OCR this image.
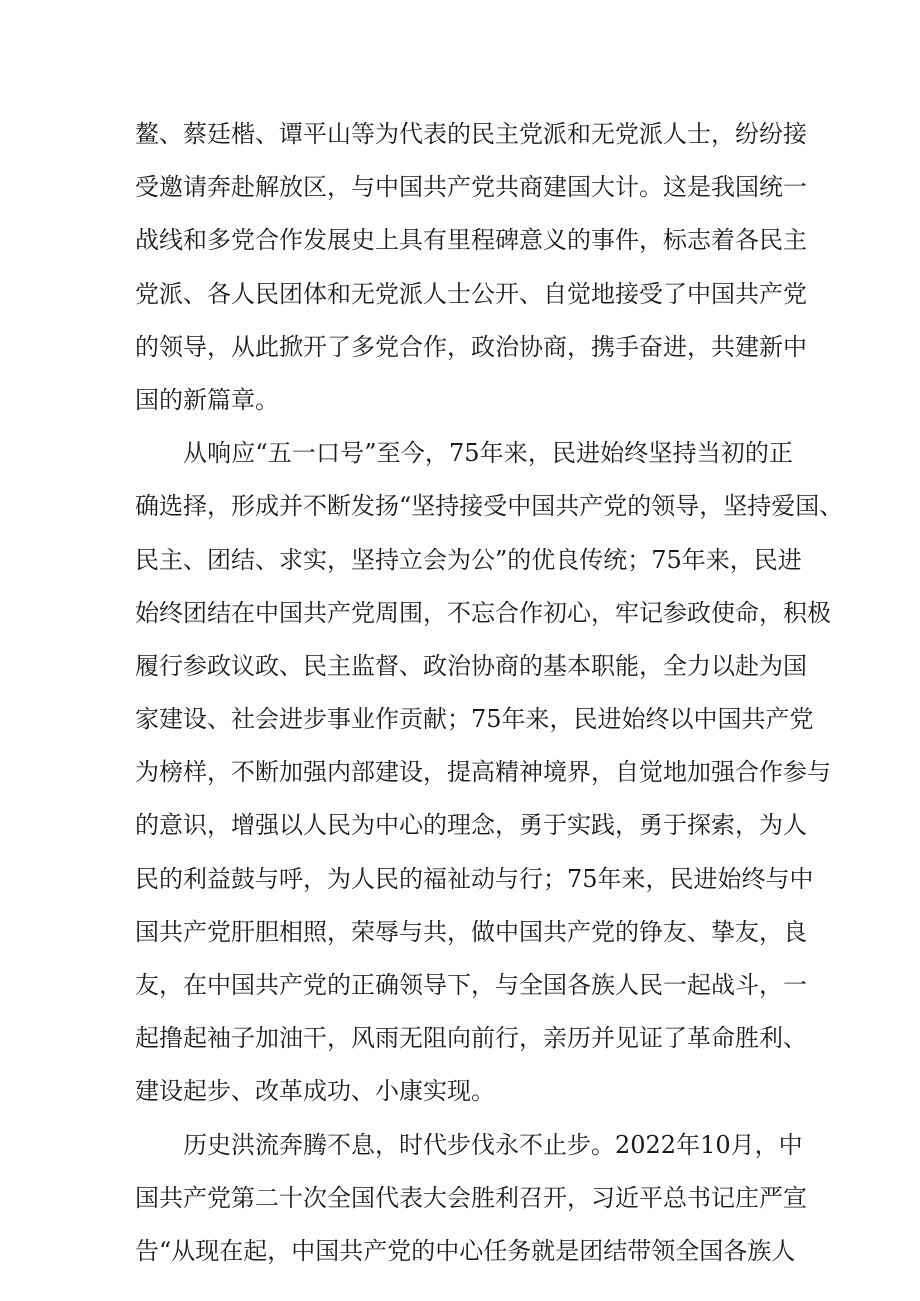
鳌、蔡廷楷、谭平山等为代表的民主党派和无党派人士，纷纷接
受邀请奔赴解放区，与中国共产党共商建国大计。这是我国统一
战线和多党合作发展史上具有里程碑意义的事件，标志着各民主
党派、各人民团体和无党派人士公开、自觉地接受了中国共产党
的领导，从此掀开了多党合作，政治协商，携手奋进，共建新中
国的新篇章。
从响应“五一口号”至今，75年来，民进始终坚持当初的正
确选择，形成并不断发扬“坚持接受中国共产党的领导，坚持爱国、
民主、团结、求实，坚持立会为公”的优良传统；75年来，民进
始终团结在中国共产党周围，不忘合作初心，牢记参政使命，积极
履行参政议政、民主监督、政治协商的基本职能，全力以赴为国
家建设、社会进步事业作贡献；75年来，民进始终以中国共产党
为榜样，不断加强内部建设，提高精神境界，自觉地加强合作参与
的意识，增强以人民为中心的理念，勇于实践，勇于探索，为人
民的利益鼓与呼，为人民的福祉动与行；75年来，民进始终与中
国共产党肝胆相照，荣辱与共，做中国共产党的铮友、挚友，良
友，在中国共产党的正确领导下，与全国各族人民一起战斗，一
起撸起袖子加油干，风雨无阻向前行，亲历并见证了革命胜利、
建设起步、改革成功、小康实现。
历史洪流奔腾不息，时代步伐永不止步。2022年10月，中
国共产党第二十次全国代表大会胜利召开，习近平总书记庄严宣
告“从现在起，中国共产党的中心任务就是团结带领全国各族人
